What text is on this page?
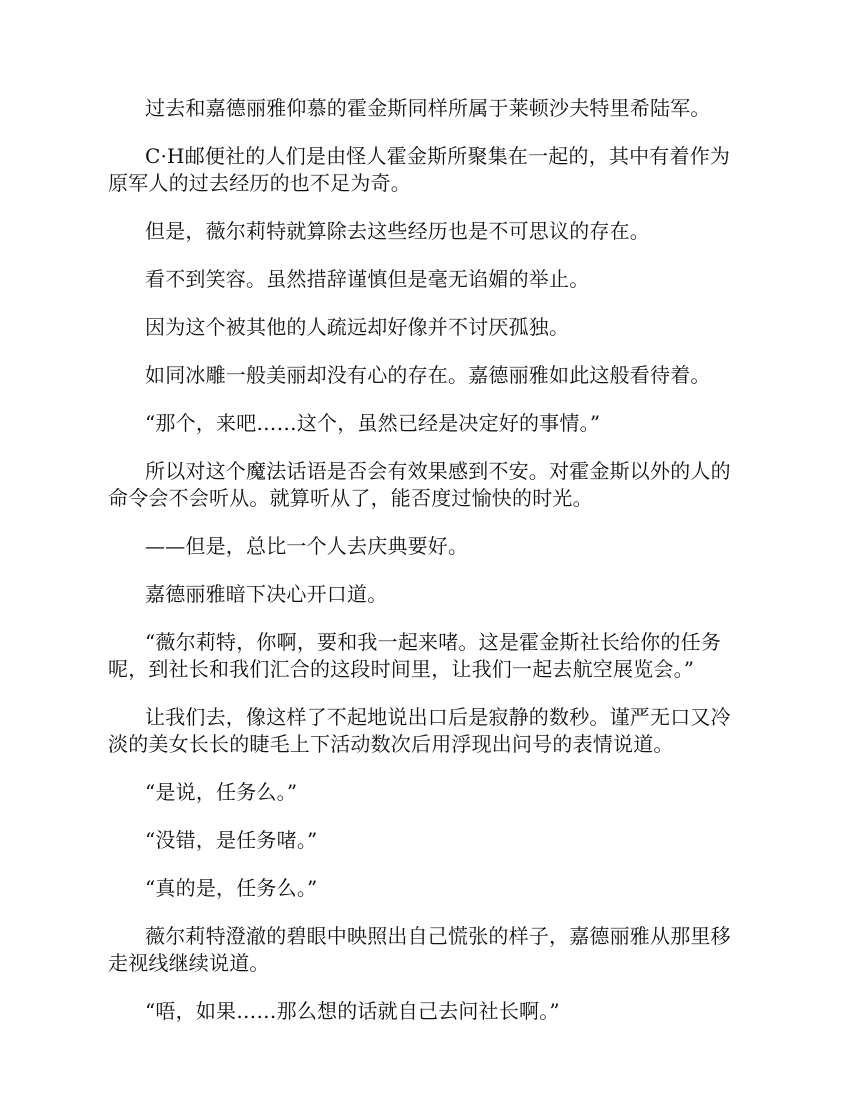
过去和嘉德丽雅仰慕的霍金斯同样所属于莱顿沙夫特里希陆军。

C·H邮便社的人们是由怪人霍金斯所聚集在一起的，其中有着作为原军人的过去经历的也不足为奇。

但是，薇尔莉特就算除去这些经历也是不可思议的存在。

看不到笑容。虽然措辞谨慎但是毫无谄媚的举止。

因为这个被其他的人疏远却好像并不讨厌孤独。

如同冰雕一般美丽却没有心的存在。嘉德丽雅如此这般看待着。

“那个，来吧……这个，虽然已经是决定好的事情。”

所以对这个魔法话语是否会有效果感到不安。对霍金斯以外的人的命令会不会听从。就算听从了，能否度过愉快的时光。

——但是，总比一个人去庆典要好。

嘉德丽雅暗下决心开口道。

“薇尔莉特，你啊，要和我一起来啫。这是霍金斯社长给你的任务呢，到社长和我们汇合的这段时间里，让我们一起去航空展览会。”

让我们去，像这样了不起地说出口后是寂静的数秒。谨严无口又冷淡的美女长长的睫毛上下活动数次后用浮现出问号的表情说道。

“是说，任务么。”

“没错，是任务啫。”

“真的是，任务么。”

薇尔莉特澄澈的碧眼中映照出自己慌张的样子，嘉德丽雅从那里移走视线继续说道。

“唔，如果……那么想的话就自己去问社长啊。”
